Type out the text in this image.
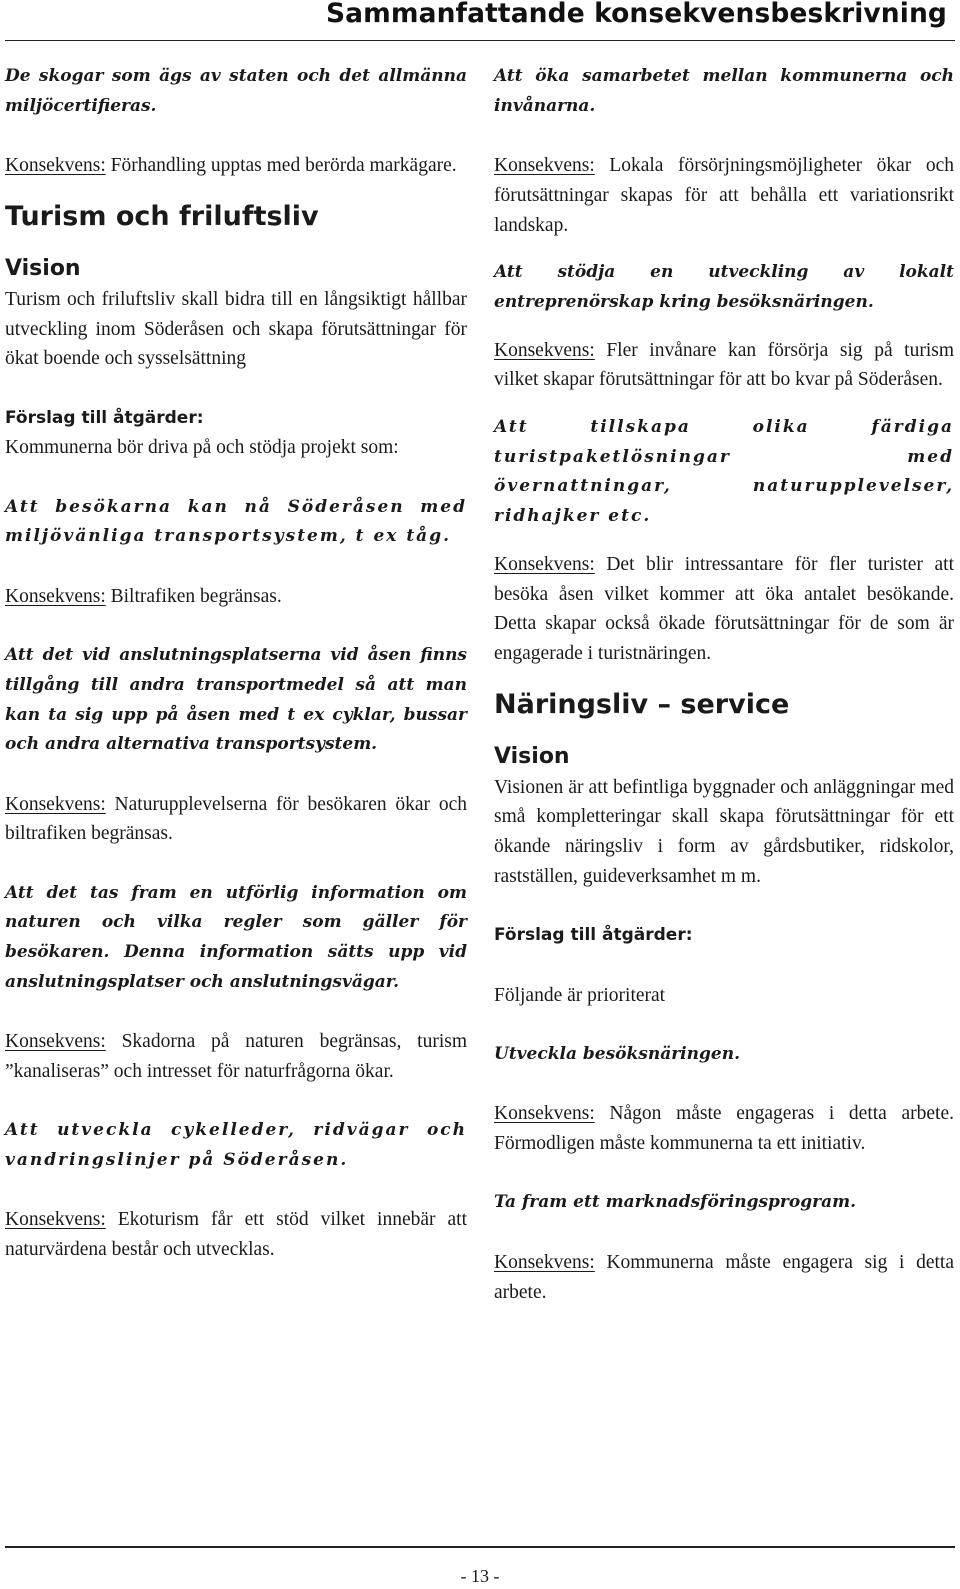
Sammanfattande konsekvensbeskrivning

De skogar som ägs av staten och det allmänna miljöcertifieras.

Konsekvens: Förhandling upptas med berörda markägare.

Turism och friluftsliv
Vision

Turism och friluftsliv skall bidra till en långsiktigt hållbar utveckling inom Söderåsen och skapa förutsättningar för ökat boende och sysselsättning

Förslag till åtgärder:

Kommunerna bör driva på och stödja projekt som:

Att besökarna kan nå Söderåsen med miljövänliga transportsystem, t ex tåg.

Konsekvens: Biltrafiken begränsas.

Att det vid anslutningsplatserna vid åsen finns tillgång till andra transportmedel så att man kan ta sig upp på åsen med t ex cyklar, bussar och andra alternativa transportsystem.

Konsekvens: Naturupplevelserna för besökaren ökar och biltrafiken begränsas.

Att det tas fram en utförlig information om naturen och vilka regler som gäller för besökaren. Denna information sätts upp vid anslutningsplatser och anslutningsvägar.

Konsekvens: Skadorna på naturen begränsas, turism ”kanaliseras” och intresset för naturfrågorna ökar.

Att utveckla cykelleder, ridvägar och vandringslinjer på Söderåsen.

Konsekvens: Ekoturism får ett stöd vilket innebär att naturvärdena består och utvecklas.

Att öka samarbetet mellan kommunerna och invånarna.

Konsekvens: Lokala försörjningsmöjligheter ökar och förutsättningar skapas för att behålla ett variationsrikt landskap.

Att stödja en utveckling av lokalt entreprenörskap kring besöksnäringen.

Konsekvens: Fler invånare kan försörja sig på turism vilket skapar förutsättningar för att bo kvar på Söderåsen.

Att tillskapa olika färdiga turistpaketlösningar med övernattningar, naturupplevelser, ridhajker etc.

Konsekvens: Det blir intressantare för fler turister att besöka åsen vilket kommer att öka antalet besökande. Detta skapar också ökade förutsättningar för de som är engagerade i turistnäringen.

Näringsliv – service
Vision

Visionen är att befintliga byggnader och anläggningar med små kompletteringar skall skapa förutsättningar för ett ökande näringsliv i form av gårdsbutiker, ridskolor, rastställen, guideverksamhet m m.

Förslag till åtgärder:

Följande är prioriterat

Utveckla besöksnäringen.

Konsekvens: Någon måste engageras i detta arbete. Förmodligen måste kommunerna ta ett initiativ.

Ta fram ett marknadsföringsprogram.

Konsekvens: Kommunerna måste engagera sig i detta arbete.

- 13 -
